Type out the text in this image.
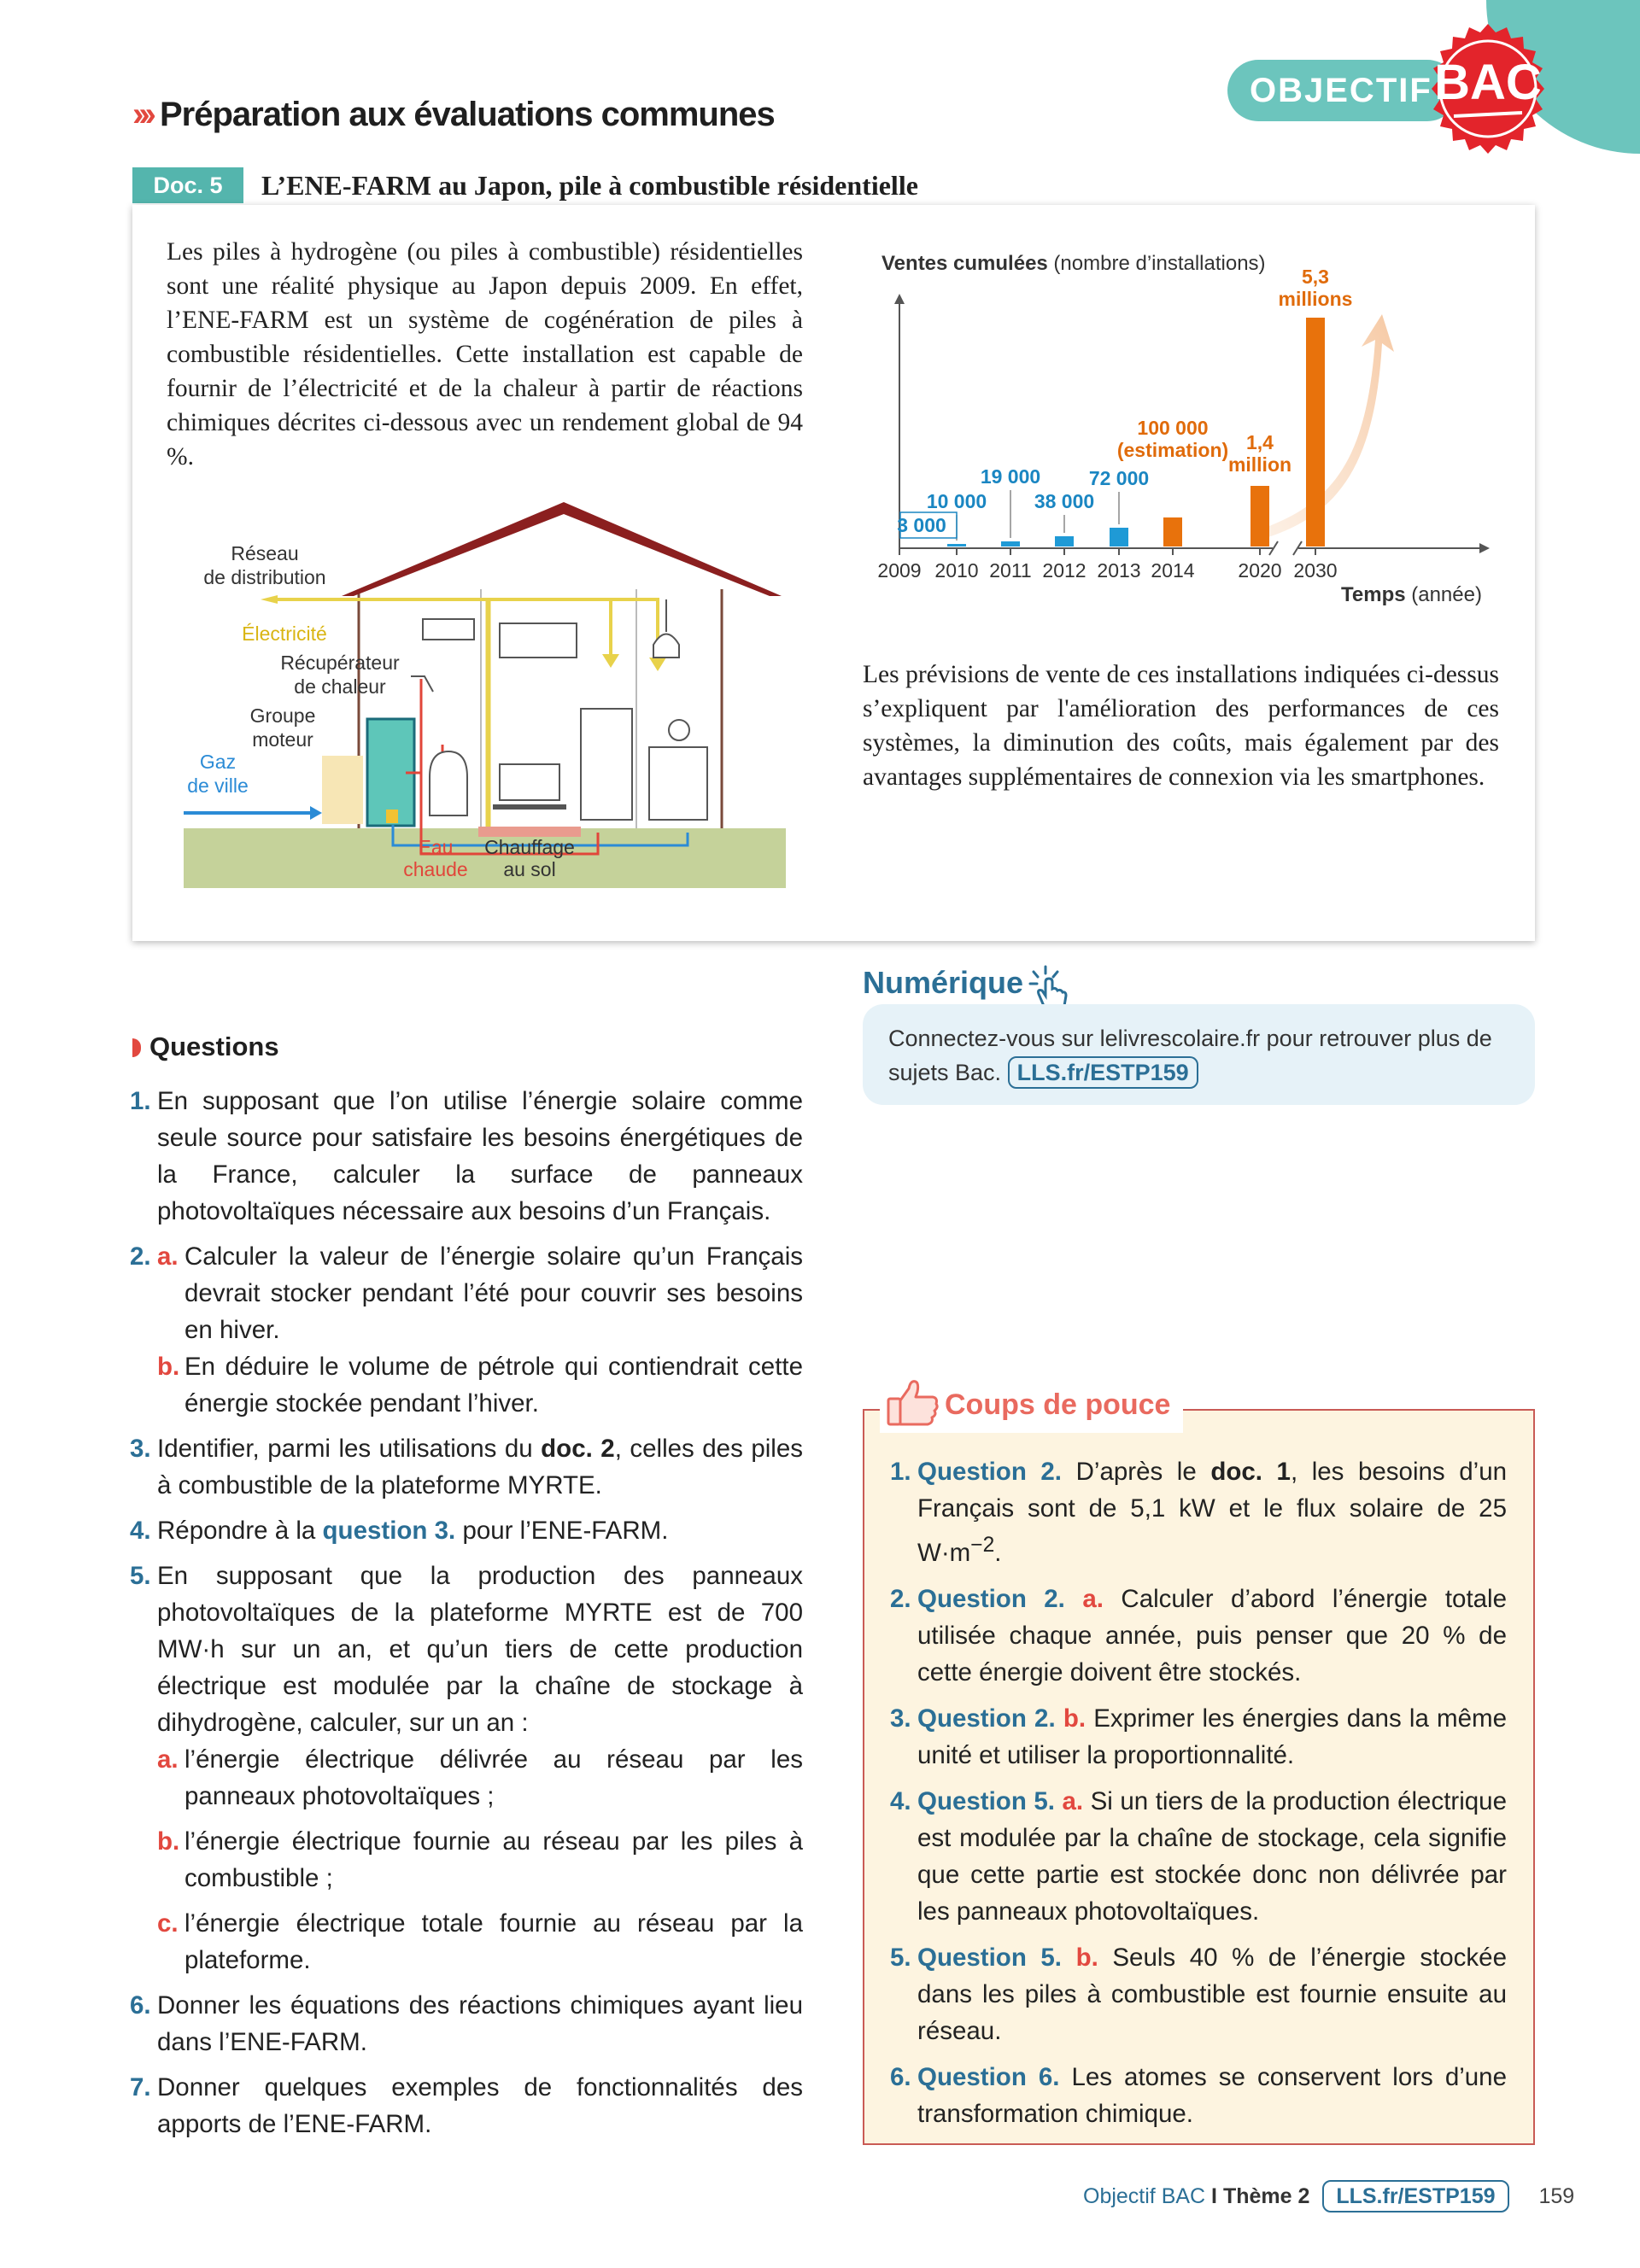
OBJECTIF BAC
››› Préparation aux évaluations communes
Doc. 5	L’ENE-FARM au Japon, pile à combustible résidentielle

Les piles à hydrogène (ou piles à combustible) résidentielles sont une réalité physique au Japon depuis 2009. En effet, l’ENE-FARM est un système de cogénération de piles à combustible résidentielles. Cette installation est capable de fournir de l’électricité et de la chaleur à partir de réactions chimiques décrites ci-dessous avec un rendement global de 94 %.

Les prévisions de vente de ces installations indiquées ci-dessus s’expliquent par l'amélioration des performances de ces systèmes, la diminution des coûts, mais également par des avantages supplémentaires de connexion via les smartphones.

Ventes cumulées (nombre d’installations)
2009
3 000
2010
10 000
2011
19 000
2012
38 000
2013
72 000
2014
100 000
(estimation)
2020
1,4
million
2030
5,3
millions
Temps (année)
Réseau
de distribution
Électricité
Récupérateur
de chaleur
Groupe
moteur
Gaz
de ville
Eau
chaude
Chauffage
au sol
Numérique
Connectez-vous sur lelivrescolaire.fr pour retrouver plus de sujets Bac. LLS.fr/ESTP159
Questions
1. En supposant que l’on utilise l’énergie solaire comme seule source pour satisfaire les besoins énergétiques de la France, calculer la surface de panneaux photovoltaïques nécessaire aux besoins d’un Français.
2. a. Calculer la valeur de l’énergie solaire qu’un Français devrait stocker pendant l’été pour couvrir ses besoins en hiver.
b. En déduire le volume de pétrole qui contiendrait cette énergie stockée pendant l’hiver.
3. Identifier, parmi les utilisations du doc. 2, celles des piles à combustible de la plateforme MYRTE.
4. Répondre à la question 3. pour l’ENE-FARM.
5. En supposant que la production des panneaux photovoltaïques de la plateforme MYRTE est de 700 MW·h sur un an, et qu’un tiers de cette production électrique est modulée par la chaîne de stockage à dihydrogène, calculer, sur un an :
a. l’énergie électrique délivrée au réseau par les panneaux photovoltaïques ;
b. l’énergie électrique fournie au réseau par les piles à combustible ;
c. l’énergie électrique totale fournie au réseau par la plateforme.
6. Donner les équations des réactions chimiques ayant lieu dans l’ENE-FARM.
7. Donner quelques exemples de fonctionnalités des apports de l’ENE-FARM.
Coups de pouce
1. Question 2. D’après le doc. 1, les besoins d’un Français sont de 5,1 kW et le flux solaire de 25 $W\cdot m^{-2}$.
2. Question 2. a. Calculer d’abord l’énergie totale utilisée chaque année, puis penser que 20 % de cette énergie doivent être stockés.
3. Question 2. b. Exprimer les énergies dans la même unité et utiliser la proportionnalité.
4. Question 5. a. Si un tiers de la production électrique est modulée par la chaîne de stockage, cela signifie que cette partie est stockée donc non délivrée par les panneaux photovoltaïques.
5. Question 5. b. Seuls 40 % de l’énergie stockée dans les piles à combustible est fournie ensuite au réseau.
6. Question 6. Les atomes se conservent lors d’une transformation chimique.
Objectif BAC I Thème 2 LLS.fr/ESTP159 159
